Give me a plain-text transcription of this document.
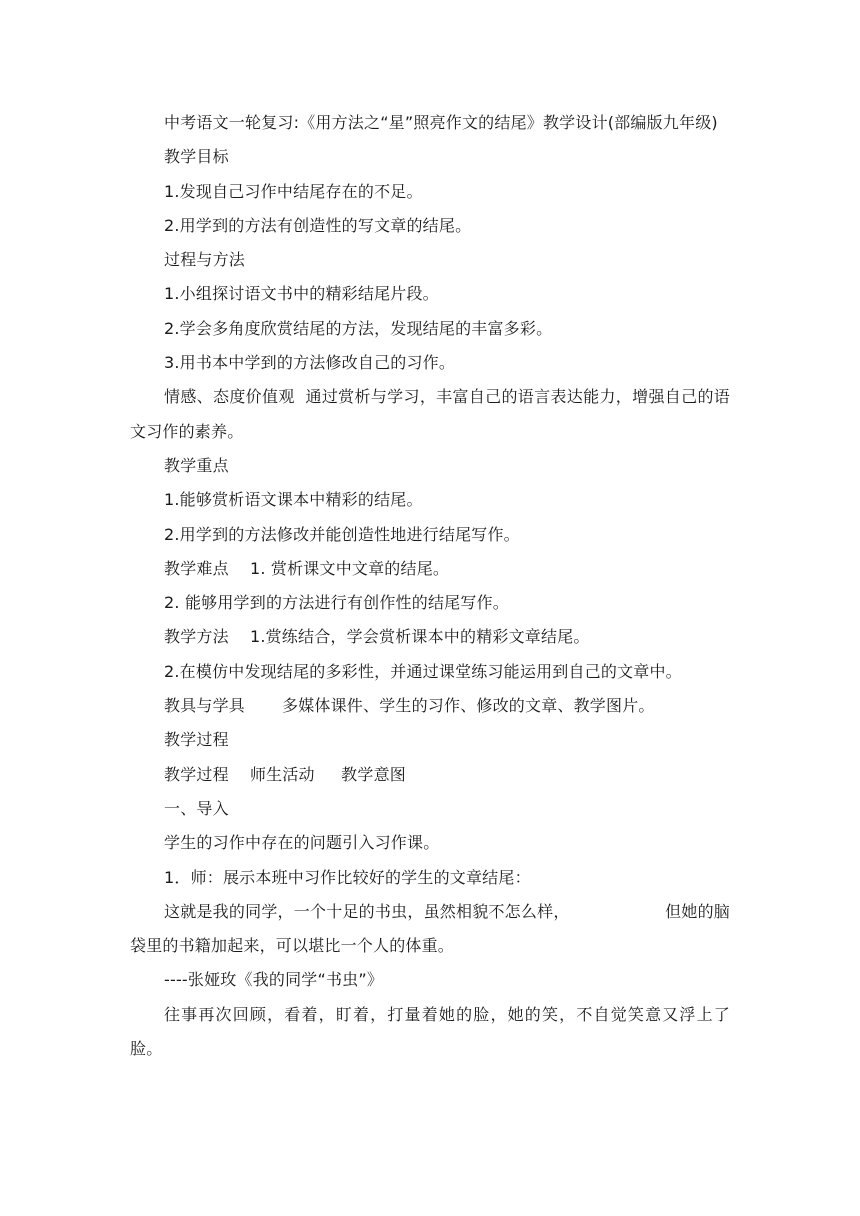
中考语文一轮复习:《用方法之“星”照亮作文的结尾》教学设计(部编版九年级)

教学目标

1.发现自己习作中结尾存在的不足。

2.用学到的方法有创造性的写文章的结尾。

过程与方法

1.小组探讨语文书中的精彩结尾片段。

2.学会多角度欣赏结尾的方法，发现结尾的丰富多彩。

3.用书本中学到的方法修改自己的习作。

情感、态度价值观  通过赏析与学习，丰富自己的语言表达能力，增强自己的语文习作的素养。

教学重点

1.能够赏析语文课本中精彩的结尾。

2.用学到的方法修改并能创造性地进行结尾写作。

教学难点    1. 赏析课文中文章的结尾。

2. 能够用学到的方法进行有创作性的结尾写作。

教学方法    1.赏练结合，学会赏析课本中的精彩文章结尾。

2.在模仿中发现结尾的多彩性，并通过课堂练习能运用到自己的文章中。

教具与学具       多媒体课件、学生的习作、修改的文章、教学图片。

教学过程

教学过程    师生活动     教学意图

一、导入

学生的习作中存在的问题引入习作课。

1．师：展示本班中习作比较好的学生的文章结尾：

这就是我的同学，一个十足的书虫，虽然相貌不怎么样，                  但她的脑袋里的书籍加起来，可以堪比一个人的体重。

----张娅玫《我的同学“书虫”》

往事再次回顾，看着，盯着，打量着她的脸，她的笑，不自觉笑意又浮上了脸。
